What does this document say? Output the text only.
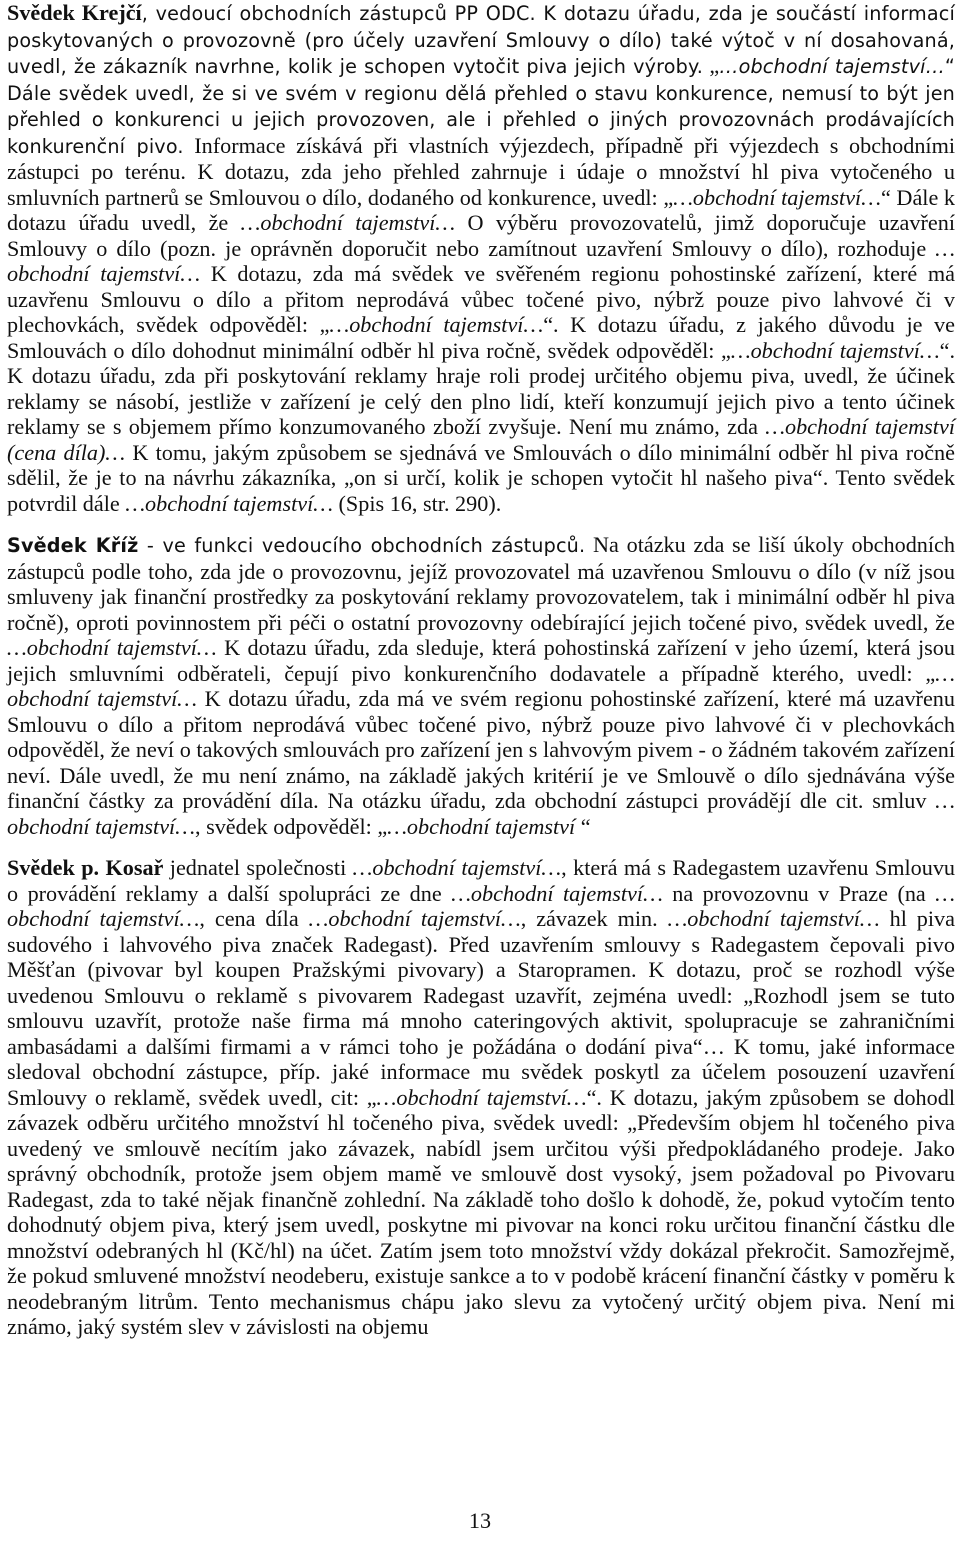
Svědek Krejčí, vedoucí obchodních zástupců PP ODC. K dotazu úřadu, zda je součástí informací poskytovaných o provozovně (pro účely uzavření Smlouvy o dílo) také výtoč v ní dosahovaná, uvedl, že zákazník navrhne, kolik je schopen vytočit piva jejich výroby. „…obchodní tajemství…“ Dále svědek uvedl, že si ve svém v regionu dělá přehled o stavu konkurence, nemusí to být jen přehled o konkurenci u jejich provozoven, ale i přehled o jiných provozovnách prodávajících konkurenční pivo. Informace získává při vlastních výjezdech, případně při výjezdech s obchodními zástupci po terénu. K dotazu, zda jeho přehled zahrnuje i údaje o množství hl piva vytočeného u smluvních partnerů se Smlouvou o dílo, dodaného od konkurence, uvedl: „…obchodní tajemství…“ Dále k dotazu úřadu uvedl, že …obchodní tajemství… O výběru provozovatelů, jimž doporučuje uzavření Smlouvy o dílo (pozn. je oprávněn doporučit nebo zamítnout uzavření Smlouvy o dílo), rozhoduje …obchodní tajemství… K dotazu, zda má svědek ve svěřeném regionu pohostinské zařízení, které má uzavřenu Smlouvu o dílo a přitom neprodává vůbec točené pivo, nýbrž pouze pivo lahvové či v plechovkách, svědek odpověděl: „…obchodní tajemství…“. K dotazu úřadu, z jakého důvodu je ve Smlouvách o dílo dohodnut minimální odběr hl piva ročně, svědek odpověděl: „…obchodní tajemství…“. K dotazu úřadu, zda při poskytování reklamy hraje roli prodej určitého objemu piva, uvedl, že účinek reklamy se násobí, jestliže v zařízení je celý den plno lidí, kteří konzumují jejich pivo a tento účinek reklamy se s objemem přímo konzumovaného zboží zvyšuje. Není mu známo, zda …obchodní tajemství (cena díla)… K tomu, jakým způsobem se sjednává ve Smlouvách o dílo minimální odběr hl piva ročně sdělil, že je to na návrhu zákazníka, „on si určí, kolik je schopen vytočit hl našeho piva“. Tento svědek potvrdil dále …obchodní tajemství… (Spis 16, str. 290).

Svědek Kříž - ve funkci vedoucího obchodních zástupců. Na otázku zda se liší úkoly obchodních zástupců podle toho, zda jde o provozovnu, jejíž provozovatel má uzavřenou Smlouvu o dílo (v níž jsou smluveny jak finanční prostředky za poskytování reklamy provozovatelem, tak i minimální odběr hl piva ročně), oproti povinnostem při péči o ostatní provozovny odebírající jejich točené pivo, svědek uvedl, že …obchodní tajemství… K dotazu úřadu, zda sleduje, která pohostinská zařízení v jeho území, která jsou jejich smluvními odběrateli, čepují pivo konkurenčního dodavatele a případně kterého, uvedl: „…obchodní tajemství… K dotazu úřadu, zda má ve svém regionu pohostinské zařízení, které má uzavřenu Smlouvu o dílo a přitom neprodává vůbec točené pivo, nýbrž pouze pivo lahvové či v plechovkách odpověděl, že neví o takových smlouvách pro zařízení jen s lahvovým pivem - o žádném takovém zařízení neví. Dále uvedl, že mu není známo, na základě jakých kritérií je ve Smlouvě o dílo sjednávána výše finanční částky za provádění díla. Na otázku úřadu, zda obchodní zástupci provádějí dle cit. smluv …obchodní tajemství…, svědek odpověděl: „…obchodní tajemství “

Svědek p. Kosař jednatel společnosti …obchodní tajemství…, která má s Radegastem uzavřenu Smlouvu o provádění reklamy a další spolupráci ze dne …obchodní tajemství… na provozovnu v Praze (na …obchodní tajemství…, cena díla …obchodní tajemství…, závazek min. …obchodní tajemství… hl piva sudového i lahvového piva značek Radegast). Před uzavřením smlouvy s Radegastem čepovali pivo Měšťan (pivovar byl koupen Pražskými pivovary) a Staropramen. K dotazu, proč se rozhodl výše uvedenou Smlouvu o reklamě s pivovarem Radegast uzavřít, zejména uvedl: „Rozhodl jsem se tuto smlouvu uzavřít, protože naše firma má mnoho cateringových aktivit, spolupracuje se zahraničními ambasádami a dalšími firmami a v rámci toho je požádána o dodání piva“… K tomu, jaké informace sledoval obchodní zástupce, příp. jaké informace mu svědek poskytl za účelem posouzení uzavření Smlouvy o reklamě, svědek uvedl, cit: „…obchodní tajemství…“. K dotazu, jakým způsobem se dohodl závazek odběru určitého množství hl točeného piva, svědek uvedl: „Především objem hl točeného piva uvedený ve smlouvě necítím jako závazek, nabídl jsem určitou výši předpokládaného prodeje. Jako správný obchodník, protože jsem objem mamě ve smlouvě dost vysoký, jsem požadoval po Pivovaru Radegast, zda to také nějak finančně zohlední. Na základě toho došlo k dohodě, že, pokud vytočím tento dohodnutý objem piva, který jsem uvedl, poskytne mi pivovar na konci roku určitou finanční částku dle množství odebraných hl (Kč/hl) na účet. Zatím jsem toto množství vždy dokázal překročit. Samozřejmě, že pokud smluvené množství neodeberu, existuje sankce a to v podobě krácení finanční částky v poměru k neodebraným litrům. Tento mechanismus chápu jako slevu za vytočený určitý objem piva. Není mi známo, jaký systém slev v závislosti na objemu

13
